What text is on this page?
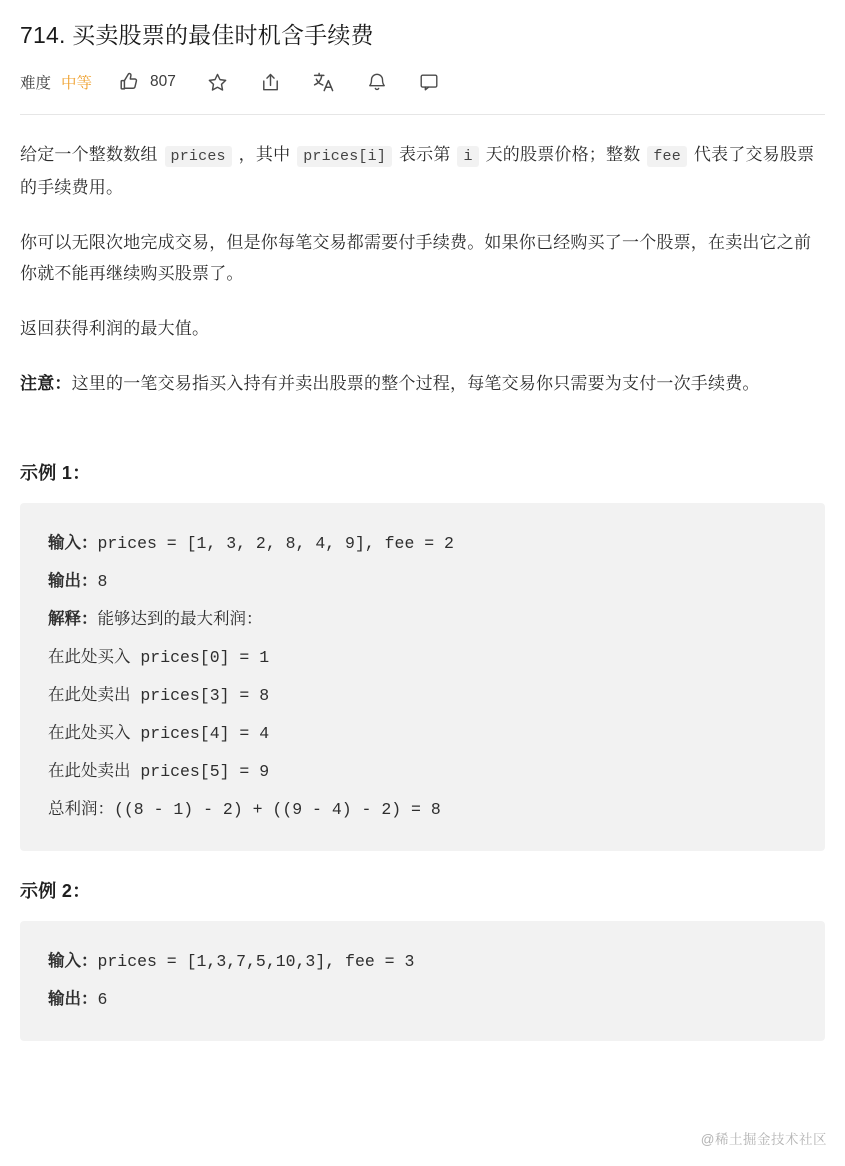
714. 买卖股票的最佳时机含手续费
难度 中等	807

给定一个整数数组 prices ，其中 prices[i] 表示第 i 天的股票价格；整数 fee 代表了交易股票的手续费用。

你可以无限次地完成交易，但是你每笔交易都需要付手续费。如果你已经购买了一个股票，在卖出它之前你就不能再继续购买股票了。

返回获得利润的最大值。

注意：这里的一笔交易指买入持有并卖出股票的整个过程，每笔交易你只需要为支付一次手续费。

示例 1：
输入：prices = [1, 3, 2, 8, 4, 9], fee = 2
输出：8
解释：能够达到的最大利润：
在此处买入 prices[0] = 1
在此处卖出 prices[3] = 8
在此处买入 prices[4] = 4
在此处卖出 prices[5] = 9
总利润：((8 - 1) - 2) + ((9 - 4) - 2) = 8
示例 2：
输入：prices = [1,3,7,5,10,3], fee = 3
输出：6
@稀土掘金技术社区
